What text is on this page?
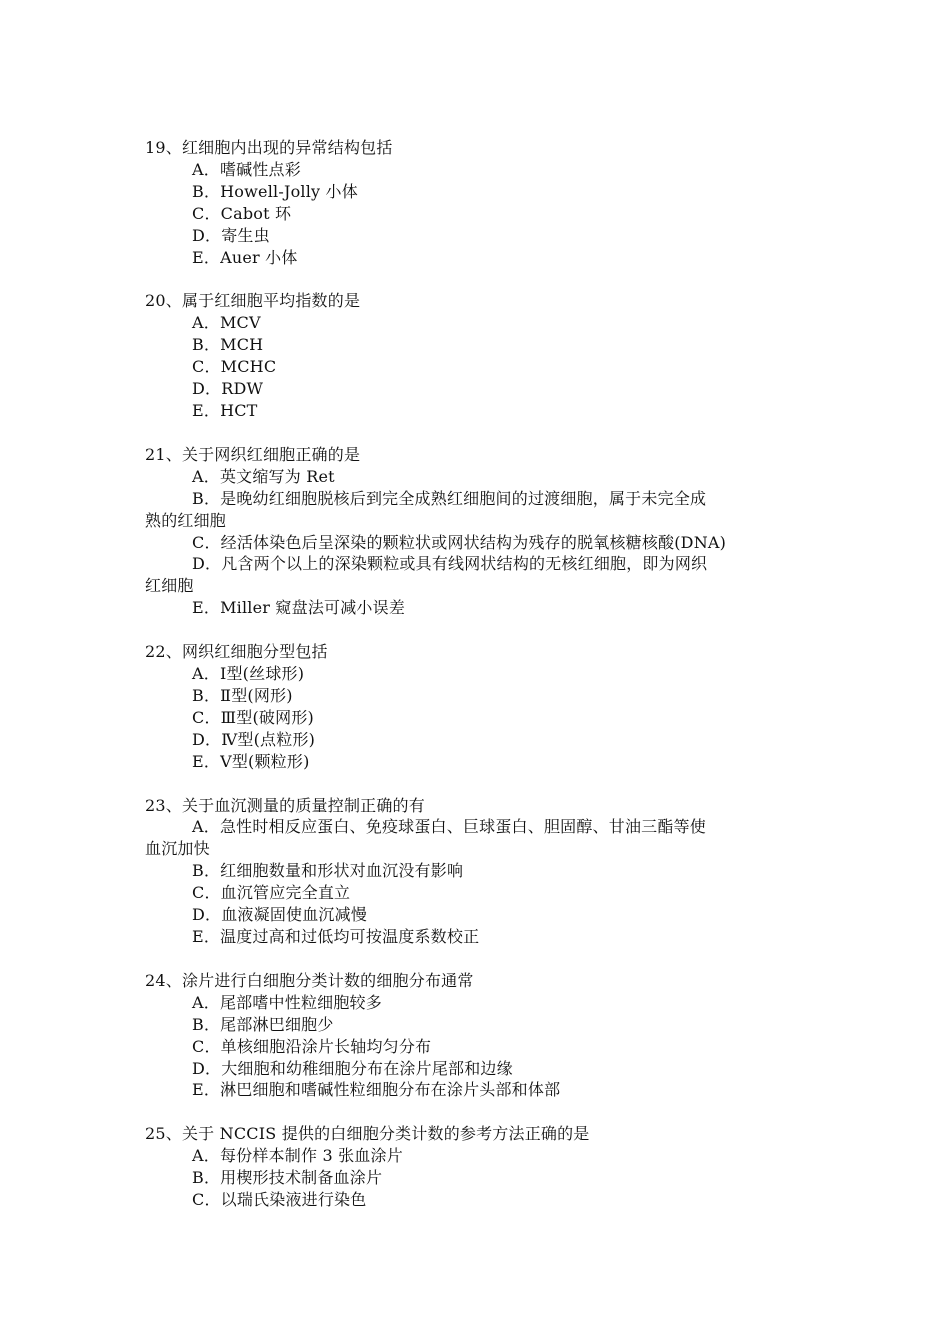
19、红细胞内出现的异常结构包括
A．嗜碱性点彩
B．Howell-Jolly 小体
C．Cabot 环
D．寄生虫
E．Auer 小体
20、属于红细胞平均指数的是
A．MCV
B．MCH
C．MCHC
D．RDW
E．HCT
21、关于网织红细胞正确的是
A．英文缩写为 Ret
B．是晚幼红细胞脱核后到完全成熟红细胞间的过渡细胞，属于未完全成
熟的红细胞
C．经活体染色后呈深染的颗粒状或网状结构为残存的脱氧核糖核酸(DNA)
D．凡含两个以上的深染颗粒或具有线网状结构的无核红细胞，即为网织
红细胞
E．Miller 窥盘法可减小误差
22、网织红细胞分型包括
A．Ⅰ型(丝球形)
B．Ⅱ型(网形)
C．Ⅲ型(破网形)
D．Ⅳ型(点粒形)
E．Ⅴ型(颗粒形)
23、关于血沉测量的质量控制正确的有
A．急性时相反应蛋白、免疫球蛋白、巨球蛋白、胆固醇、甘油三酯等使
血沉加快
B．红细胞数量和形状对血沉没有影响
C．血沉管应完全直立
D．血液凝固使血沉减慢
E．温度过高和过低均可按温度系数校正
24、涂片进行白细胞分类计数的细胞分布通常
A．尾部嗜中性粒细胞较多
B．尾部淋巴细胞少
C．单核细胞沿涂片长轴均匀分布
D．大细胞和幼稚细胞分布在涂片尾部和边缘
E．淋巴细胞和嗜碱性粒细胞分布在涂片头部和体部
25、关于 NCCIS 提供的白细胞分类计数的参考方法正确的是
A．每份样本制作 3 张血涂片
B．用楔形技术制备血涂片
C．以瑞氏染液进行染色
